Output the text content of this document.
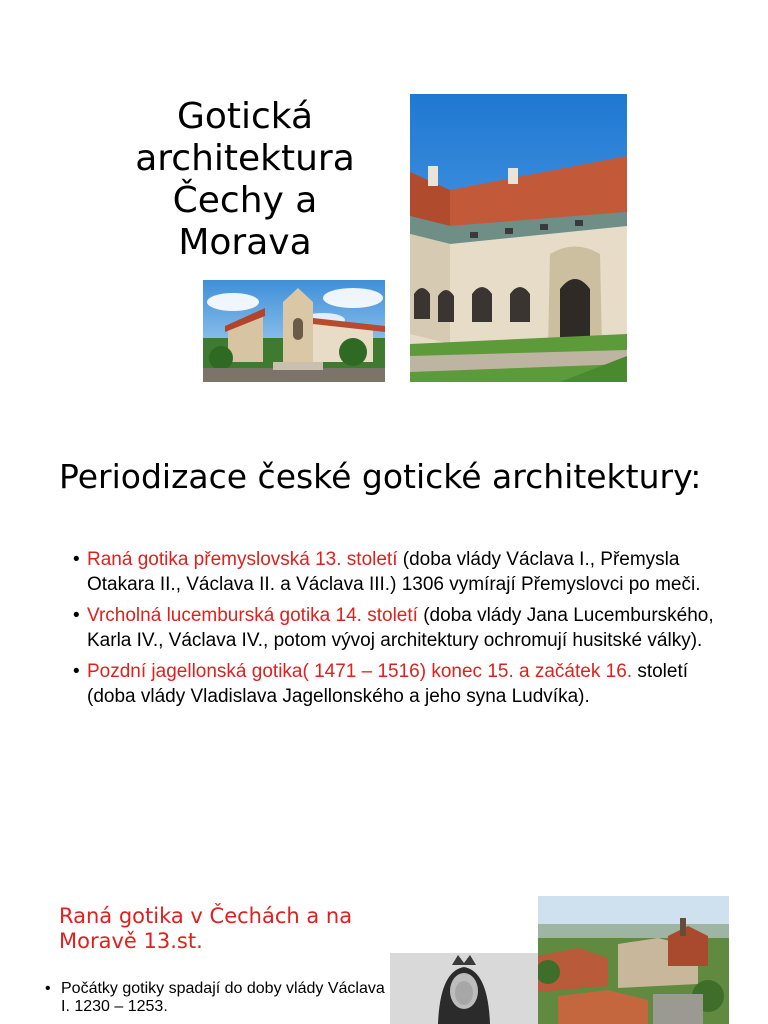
Gotická
architektura
Čechy a
Morava
Periodizace české gotické architektury:
• Raná gotika přemyslovská 13. století (doba vlády Václava I., Přemysla Otakara II., Václava II. a Václava III.) 1306 vymírají Přemyslovci po meči.
• Vrcholná lucemburská gotika 14. století (doba vlády Jana Lucemburského, Karla IV., Václava IV., potom vývoj architektury ochromují husitské války).
• Pozdní jagellonská gotika( 1471 – 1516) konec 15. a začátek 16. století (doba vlády Vladislava Jagellonského a jeho syna Ludvíka).
Raná gotika v Čechách a na Moravě 13.st.
• Počátky gotiky spadají do doby vlády Václava I. 1230 – 1253.
